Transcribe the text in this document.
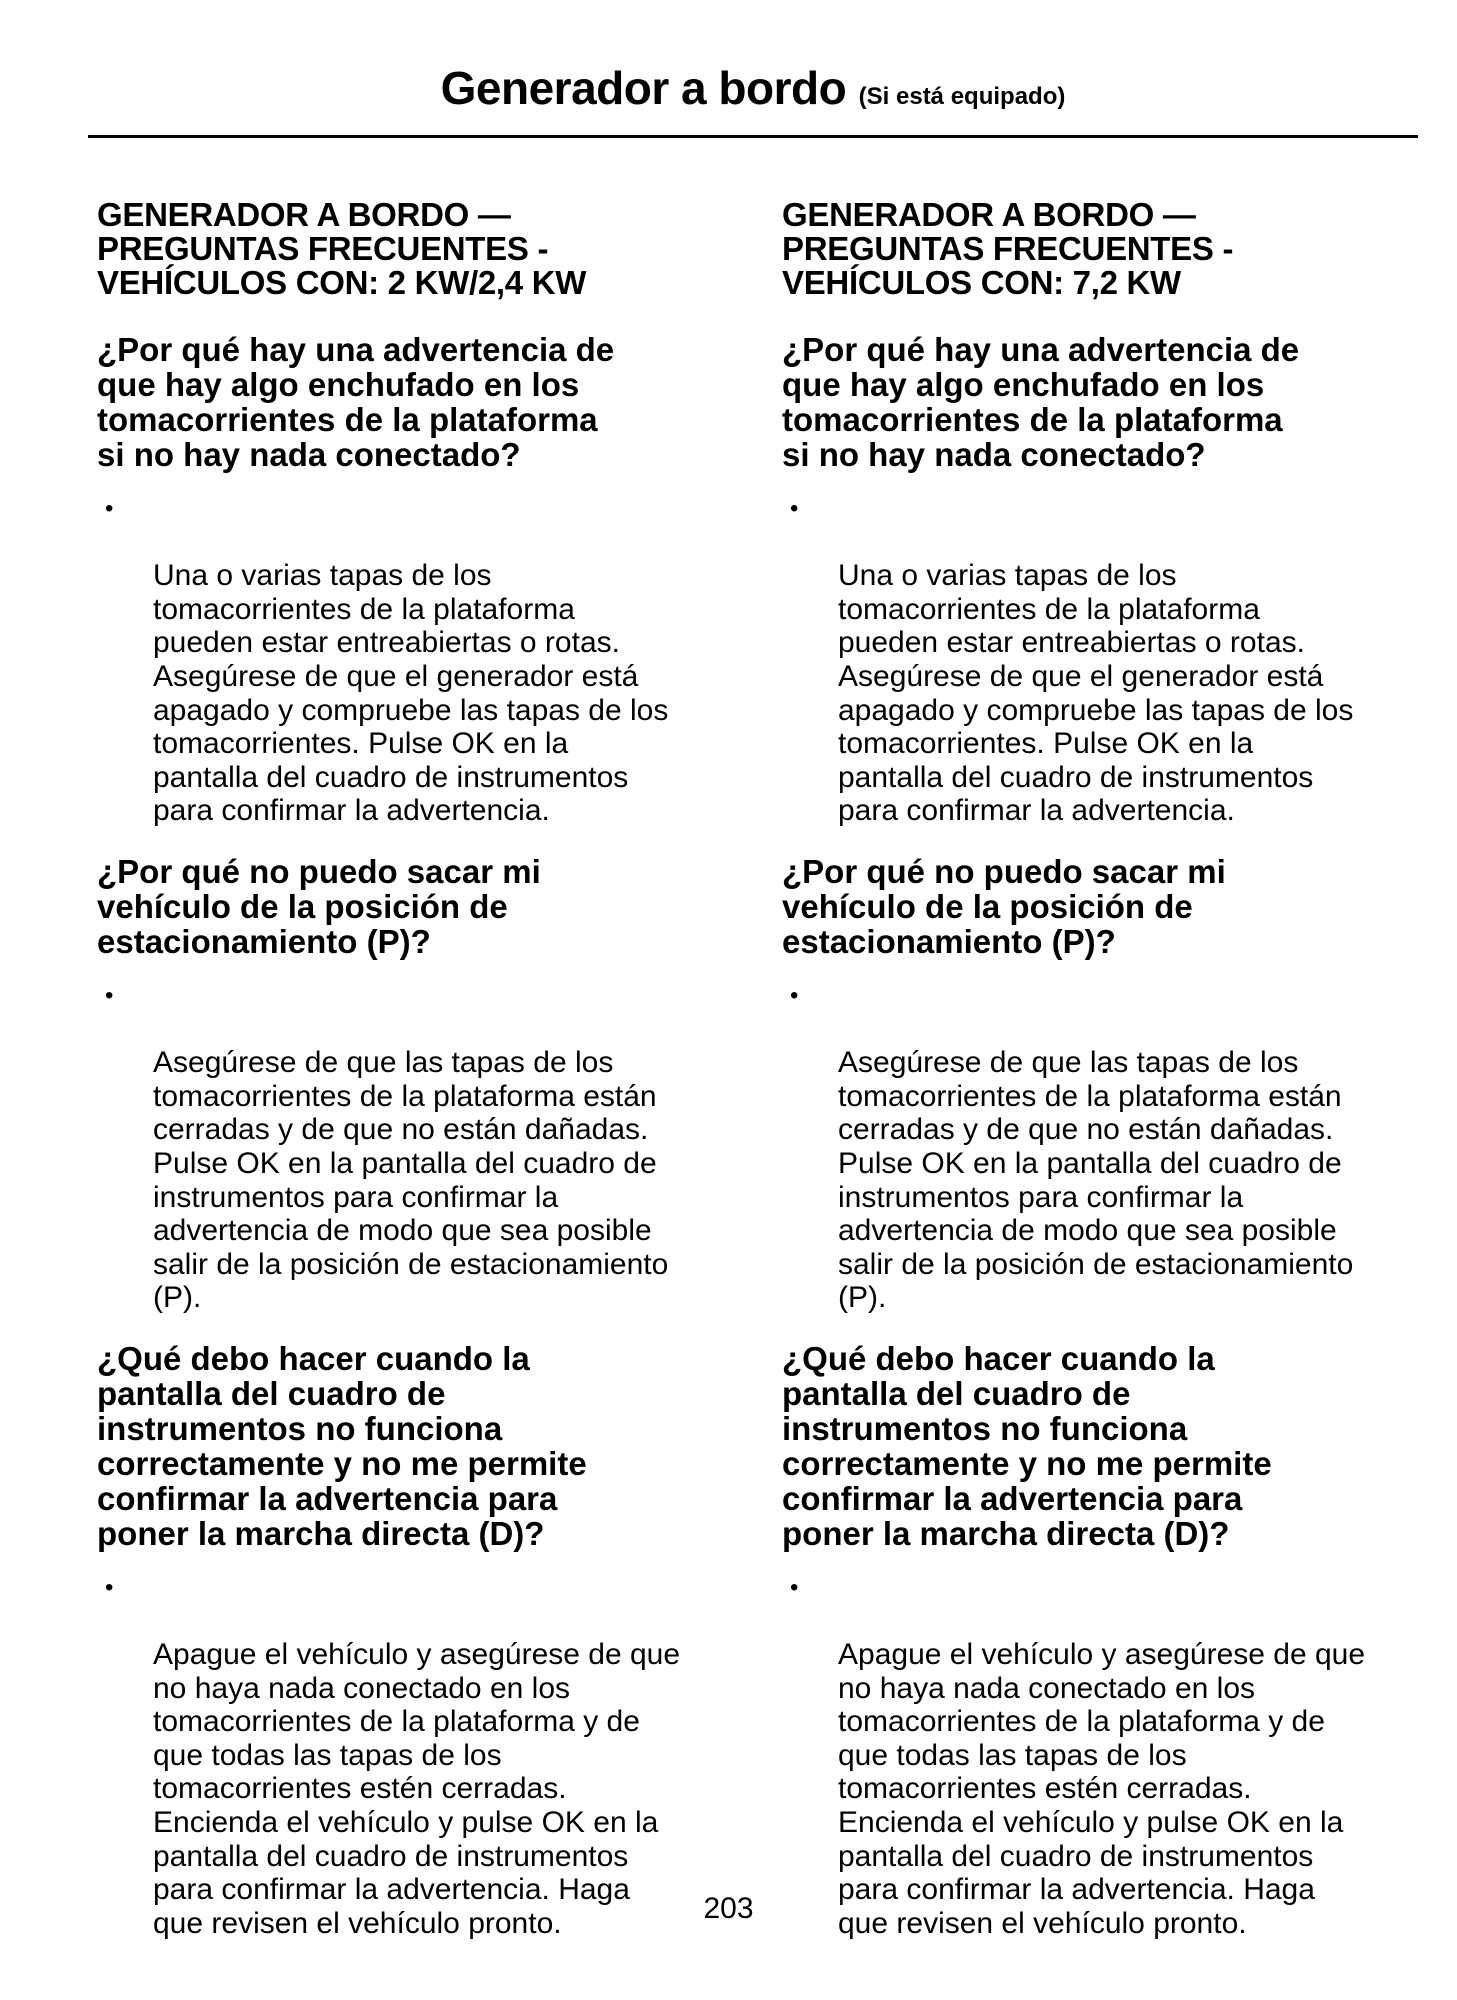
Generador a bordo (Si está equipado)
GENERADOR A BORDO —
PREGUNTAS FRECUENTES -
VEHÍCULOS CON: 2 KW/2,4 KW
¿Por qué hay una advertencia de
que hay algo enchufado en los
tomacorrientes de la plataforma
si no hay nada conectado?

•

Una o varias tapas de los
tomacorrientes de la plataforma
pueden estar entreabiertas o rotas.
Asegúrese de que el generador está
apagado y compruebe las tapas de los
tomacorrientes. Pulse OK en la
pantalla del cuadro de instrumentos
para confirmar la advertencia.

¿Por qué no puedo sacar mi
vehículo de la posición de
estacionamiento (P)?

•

Asegúrese de que las tapas de los
tomacorrientes de la plataforma están
cerradas y de que no están dañadas.
Pulse OK en la pantalla del cuadro de
instrumentos para confirmar la
advertencia de modo que sea posible
salir de la posición de estacionamiento
(P).

¿Qué debo hacer cuando la
pantalla del cuadro de
instrumentos no funciona
correctamente y no me permite
confirmar la advertencia para
poner la marcha directa (D)?

•

Apague el vehículo y asegúrese de que
no haya nada conectado en los
tomacorrientes de la plataforma y de
que todas las tapas de los
tomacorrientes estén cerradas.
Encienda el vehículo y pulse OK en la
pantalla del cuadro de instrumentos
para confirmar la advertencia. Haga
que revisen el vehículo pronto.

GENERADOR A BORDO —
PREGUNTAS FRECUENTES -
VEHÍCULOS CON: 7,2 KW
¿Por qué hay una advertencia de
que hay algo enchufado en los
tomacorrientes de la plataforma
si no hay nada conectado?

•

Una o varias tapas de los
tomacorrientes de la plataforma
pueden estar entreabiertas o rotas.
Asegúrese de que el generador está
apagado y compruebe las tapas de los
tomacorrientes. Pulse OK en la
pantalla del cuadro de instrumentos
para confirmar la advertencia.

¿Por qué no puedo sacar mi
vehículo de la posición de
estacionamiento (P)?

•

Asegúrese de que las tapas de los
tomacorrientes de la plataforma están
cerradas y de que no están dañadas.
Pulse OK en la pantalla del cuadro de
instrumentos para confirmar la
advertencia de modo que sea posible
salir de la posición de estacionamiento
(P).

¿Qué debo hacer cuando la
pantalla del cuadro de
instrumentos no funciona
correctamente y no me permite
confirmar la advertencia para
poner la marcha directa (D)?

•

Apague el vehículo y asegúrese de que
no haya nada conectado en los
tomacorrientes de la plataforma y de
que todas las tapas de los
tomacorrientes estén cerradas.
Encienda el vehículo y pulse OK en la
pantalla del cuadro de instrumentos
para confirmar la advertencia. Haga
que revisen el vehículo pronto.

203
